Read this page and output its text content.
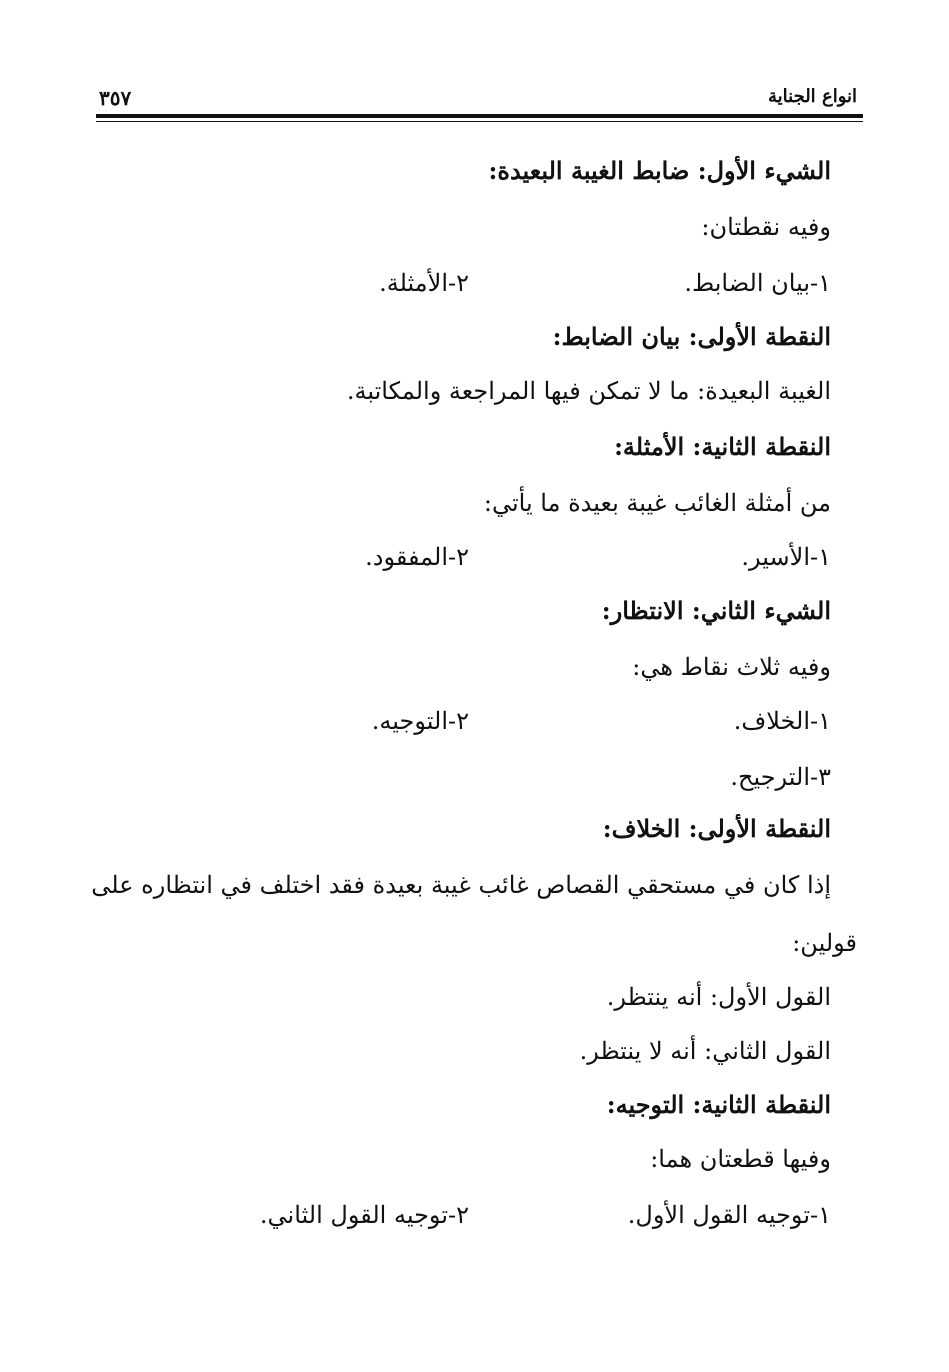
انواع الجناية
٣٥٧
الشيء الأول: ضابط الغيبة البعيدة:
وفيه نقطتان:
١-بيان الضابط.
٢-الأمثلة.
النقطة الأولى: بيان الضابط:
الغيبة البعيدة: ما لا تمكن فيها المراجعة والمكاتبة.
النقطة الثانية: الأمثلة:
من أمثلة الغائب غيبة بعيدة ما يأتي:
١-الأسير.
٢-المفقود.
الشيء الثاني: الانتظار:
وفيه ثلاث نقاط هي:
١-الخلاف.
٢-التوجيه.
٣-الترجيح.
النقطة الأولى: الخلاف:
إذا كان في مستحقي القصاص غائب غيبة بعيدة فقد اختلف في انتظاره على
قولين:
القول الأول: أنه ينتظر.
القول الثاني: أنه لا ينتظر.
النقطة الثانية: التوجيه:
وفيها قطعتان هما:
١-توجيه القول الأول.
٢-توجيه القول الثاني.
